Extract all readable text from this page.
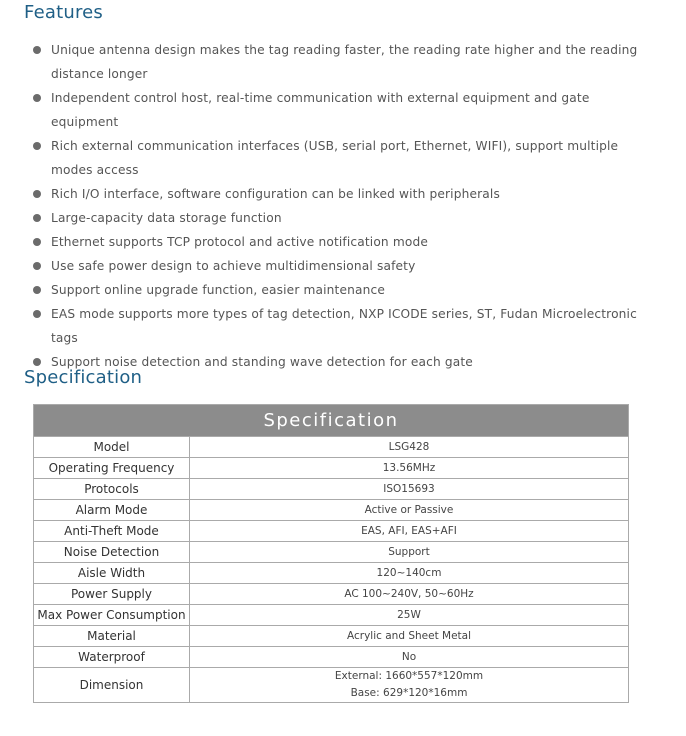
Features
Unique antenna design makes the tag reading faster, the reading rate higher and the reading distance longer
Independent control host, real-time communication with external equipment and gate equipment
Rich external communication interfaces (USB, serial port, Ethernet, WIFI), support multiple modes access
Rich I/O interface, software configuration can be linked with peripherals
Large-capacity data storage function
Ethernet supports TCP protocol and active notification mode
Use safe power design to achieve multidimensional safety
Support online upgrade function, easier maintenance
EAS mode supports more types of tag detection, NXP ICODE series, ST, Fudan Microelectronic tags
Support noise detection and standing wave detection for each gate
Specification
Specification	
Model	LSG428
Operating Frequency	13.56MHz
Protocols	ISO15693
Alarm Mode	Active or Passive
Anti-Theft Mode	EAS, AFI, EAS+AFI
Noise Detection	Support
Aisle Width	120~140cm
Power Supply	AC 100~240V, 50~60Hz
Max Power Consumption	25W
Material	Acrylic and Sheet Metal
Waterproof	No
Dimension	External: 1660*557*120mm
Base: 629*120*16mm
